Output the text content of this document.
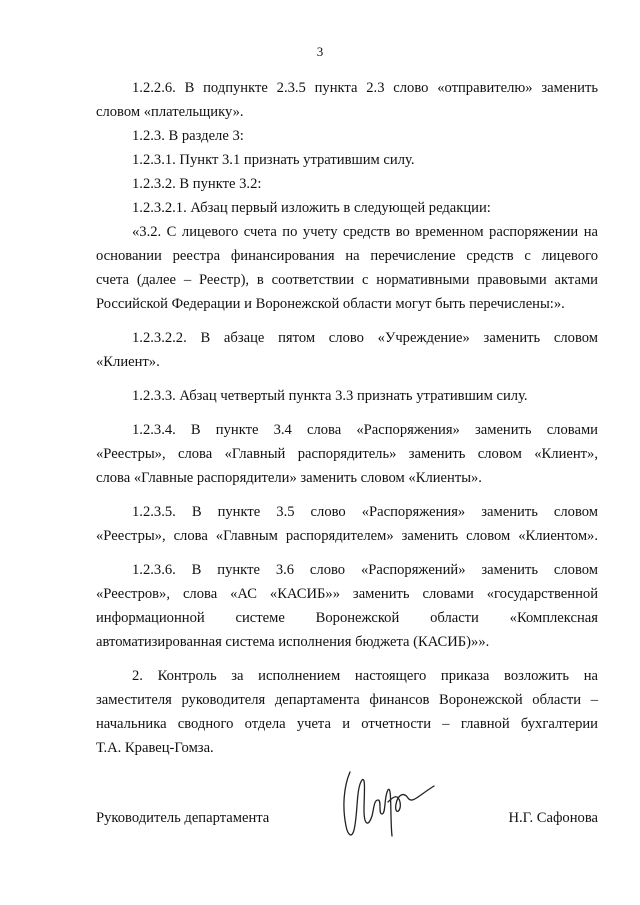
3
1.2.2.6. В подпункте 2.3.5 пункта 2.3 слово «отправителю» заменить
словом «плательщику».
1.2.3. В разделе 3:
1.2.3.1. Пункт 3.1 признать утратившим силу.
1.2.3.2. В пункте 3.2:
1.2.3.2.1. Абзац первый изложить в следующей редакции:
«3.2. С лицевого счета по учету средств во временном распоряжении на
основании реестра финансирования на перечисление средств с лицевого
счета (далее – Реестр), в соответствии с нормативными правовыми актами
Российской Федерации и Воронежской области могут быть перечислены:».
1.2.3.2.2. В абзаце пятом слово «Учреждение» заменить словом
«Клиент».
1.2.3.3. Абзац четвертый пункта 3.3 признать утратившим силу.
1.2.3.4. В пункте 3.4 слова «Распоряжения» заменить словами
«Реестры», слова «Главный распорядитель» заменить словом «Клиент»,
слова «Главные распорядители» заменить словом «Клиенты».
1.2.3.5. В пункте 3.5 слово «Распоряжения» заменить словом
«Реестры», слова «Главным распорядителем» заменить словом «Клиентом».
1.2.3.6. В пункте 3.6 слово «Распоряжений» заменить словом
«Реестров», слова «АС «КАСИБ»» заменить словами «государственной
информационной системе Воронежской области «Комплексная
автоматизированная система исполнения бюджета (КАСИБ)»».
2. Контроль за исполнением настоящего приказа возложить на
заместителя руководителя департамента финансов Воронежской области –
начальника сводного отдела учета и отчетности – главной бухгалтерии
Т.А. Кравец-Гомза.
Руководитель департамента	Н.Г. Сафонова
